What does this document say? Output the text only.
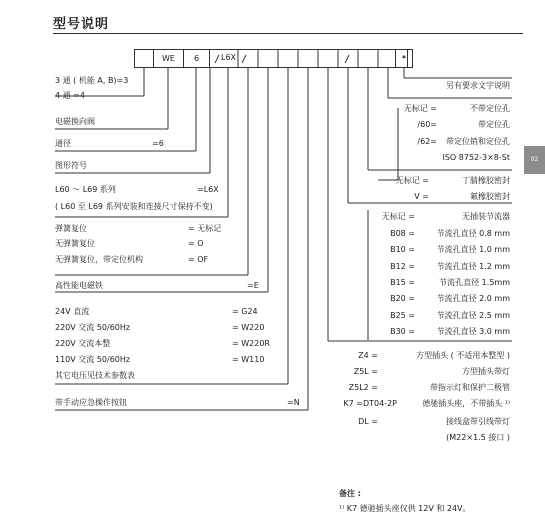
型号说明
02
WE	6	L6X	*
3 通 ( 机能 A, B)=3
4 通 =4
电磁换向阀
通径	=6
图形符号
L60 ～ L69 系列	=L6X
( L60 至 L69 系列安装和连接尺寸保持不变)
弹簧复位	= 无标记
无弹簧复位	= O
无弹簧复位，带定位机构	= OF
高性能电磁铁	=E
24V 直流	= G24
220V 交流 50/60Hz	= W220
220V 交流本整	= W220R
110V 交流 50/60Hz	= W110
其它电压见技术参数表
带手动应急操作按钮	=N
另有要求文字说明
无标记 =	不带定位孔
/60=	带定位孔
/62= 带定位销和定位孔
ISO 8752-3×8-St
无标记 =	丁腈橡胶密封
V =	氟橡胶密封
无标记 =	无插装节流器
B08 =	节流孔直径 0.8 mm
B10 =	节流孔直径 1.0 mm
B12 =	节流孔直径 1.2 mm
B15 =	节流孔直径 1.5mm
B20 =	节流孔直径 2.0 mm
B25 =	节流孔直径 2.5 mm
B30 =	节流孔直径 3.0 mm
Z4 =	方型插头 ( 不适用本整型 )
Z5L =	方型插头带灯
Z5L2 =	带指示灯和保护二极管
K7 =DT04-2P	德驰插头座，不带插头 ¹⁾
DL =	接线盒带引线带灯
(M22×1.5 接口 )
备注 :
¹⁾ K7 德驰插头座仅供 12V 和 24V。
